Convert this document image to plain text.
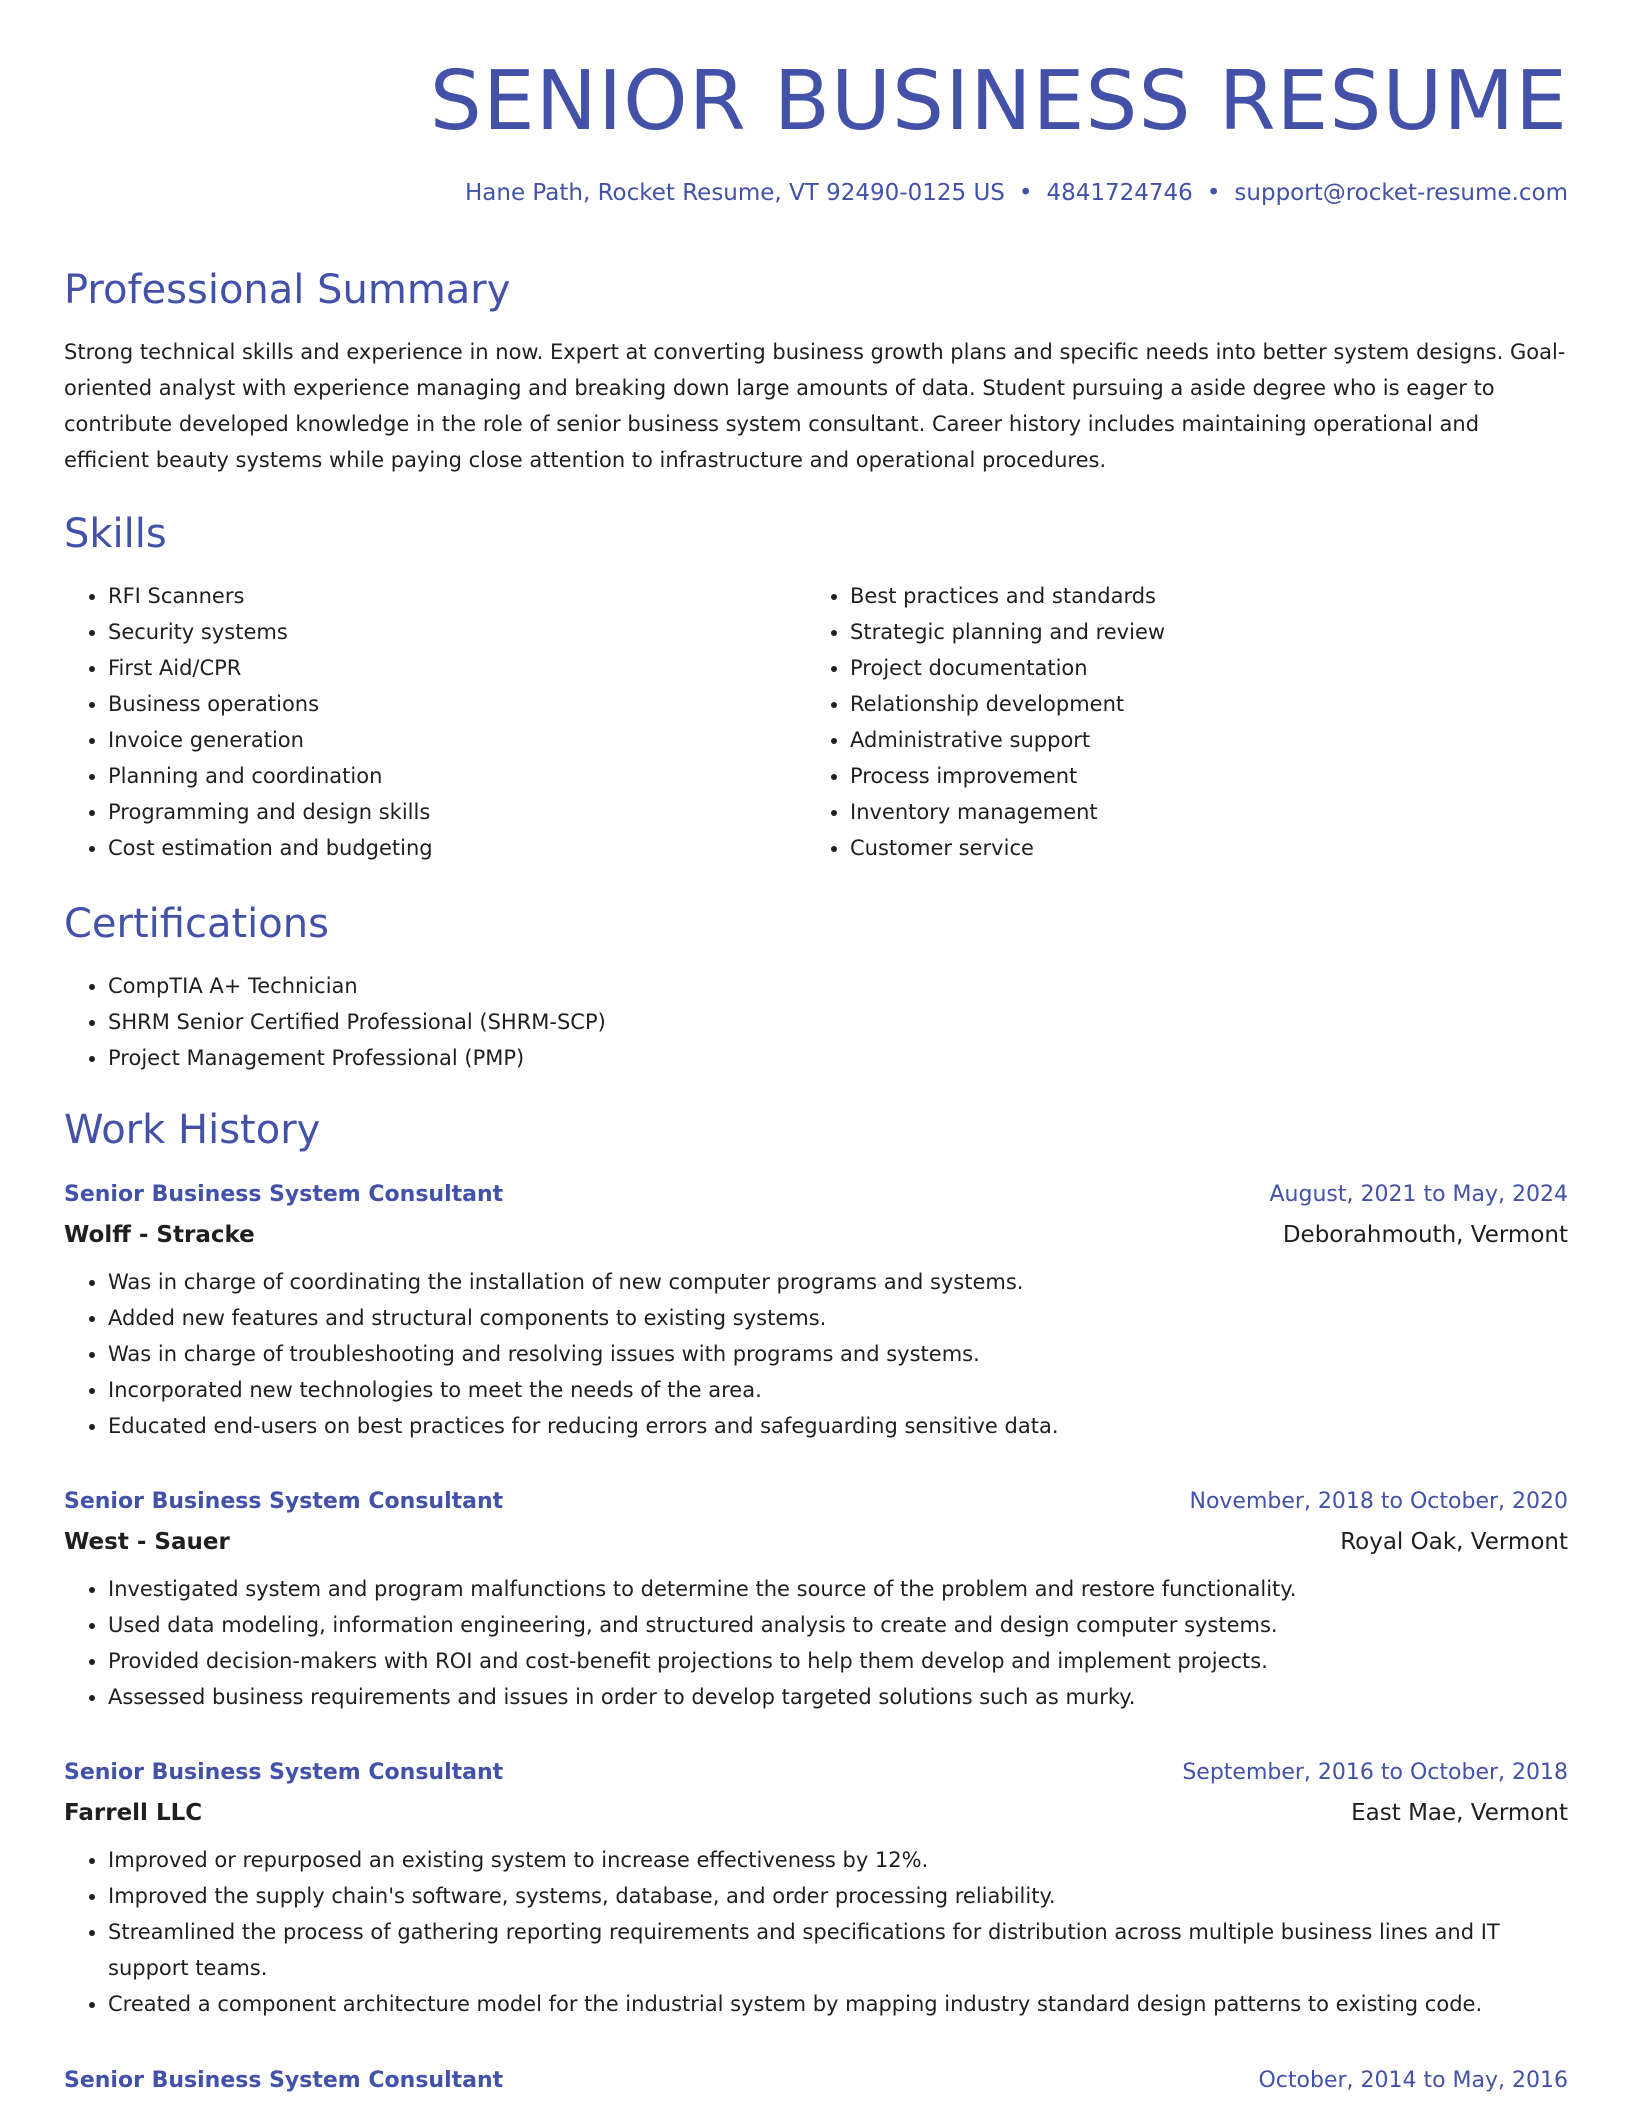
SENIOR BUSINESS RESUME
Hane Path, Rocket Resume, VT 92490-0125 US • 4841724746 • support@rocket-resume.com
Professional Summary

Strong technical skills and experience in now. Expert at converting business growth plans and specific needs into better system designs. Goal-oriented analyst with experience managing and breaking down large amounts of data. Student pursuing a aside degree who is eager to contribute developed knowledge in the role of senior business system consultant. Career history includes maintaining operational and efficient beauty systems while paying close attention to infrastructure and operational procedures.

Skills
• RFI Scanners
• Security systems
• First Aid/CPR
• Business operations
• Invoice generation
• Planning and coordination
• Programming and design skills
• Cost estimation and budgeting
• Best practices and standards
• Strategic planning and review
• Project documentation
• Relationship development
• Administrative support
• Process improvement
• Inventory management
• Customer service
Certifications
• CompTIA A+ Technician
• SHRM Senior Certified Professional (SHRM-SCP)
• Project Management Professional (PMP)
Work History
Senior Business System Consultant	August, 2021 to May, 2024
Wolff - Stracke	Deborahmouth, Vermont
• Was in charge of coordinating the installation of new computer programs and systems.
• Added new features and structural components to existing systems.
• Was in charge of troubleshooting and resolving issues with programs and systems.
• Incorporated new technologies to meet the needs of the area.
• Educated end-users on best practices for reducing errors and safeguarding sensitive data.
Senior Business System Consultant	November, 2018 to October, 2020
West - Sauer	Royal Oak, Vermont
• Investigated system and program malfunctions to determine the source of the problem and restore functionality.
• Used data modeling, information engineering, and structured analysis to create and design computer systems.
• Provided decision-makers with ROI and cost-benefit projections to help them develop and implement projects.
• Assessed business requirements and issues in order to develop targeted solutions such as murky.
Senior Business System Consultant	September, 2016 to October, 2018
Farrell LLC	East Mae, Vermont
• Improved or repurposed an existing system to increase effectiveness by 12%.
• Improved the supply chain's software, systems, database, and order processing reliability.
• Streamlined the process of gathering reporting requirements and specifications for distribution across multiple business lines and IT support teams.
• Created a component architecture model for the industrial system by mapping industry standard design patterns to existing code.
Senior Business System Consultant	October, 2014 to May, 2016
